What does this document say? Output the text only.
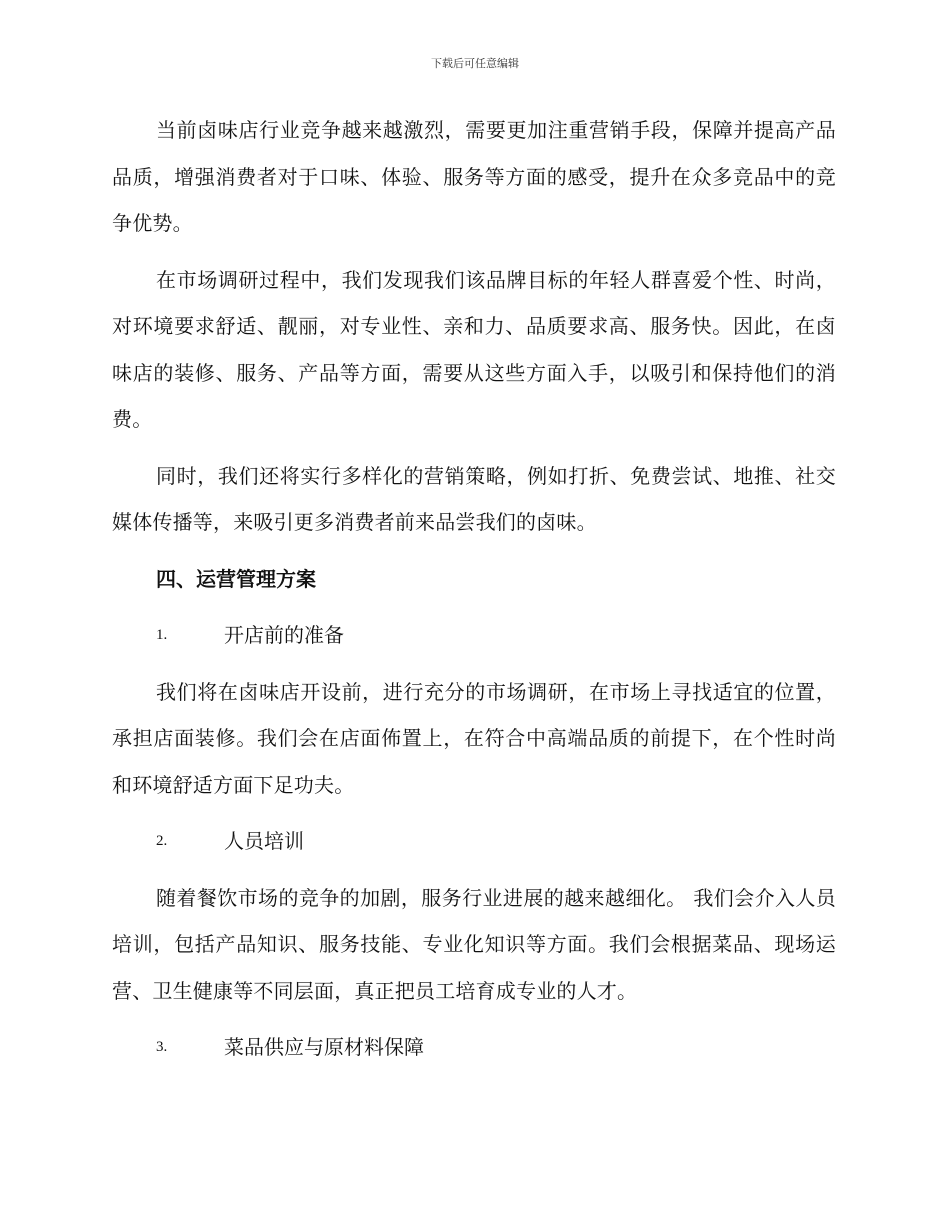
下载后可任意编辑

当前卤味店行业竞争越来越激烈，需要更加注重营销手段，保障并提高产品品质，增强消费者对于口味、体验、服务等方面的感受，提升在众多竞品中的竞争优势。

在市场调研过程中，我们发现我们该品牌目标的年轻人群喜爱个性、时尚，对环境要求舒适、靓丽，对专业性、亲和力、品质要求高、服务快。因此，在卤味店的装修、服务、产品等方面，需要从这些方面入手，以吸引和保持他们的消费。

同时，我们还将实行多样化的营销策略，例如打折、免费尝试、地推、社交媒体传播等，来吸引更多消费者前来品尝我们的卤味。

四、运营管理方案
1.	开店前的准备

我们将在卤味店开设前，进行充分的市场调研，在市场上寻找适宜的位置，承担店面装修。我们会在店面佈置上，在符合中高端品质的前提下，在个性时尚和环境舒适方面下足功夫。

2.	人员培训

随着餐饮市场的竞争的加剧，服务行业进展的越来越细化。 我们会介入人员培训，包括产品知识、服务技能、专业化知识等方面。我们会根据菜品、现场运营、卫生健康等不同层面，真正把员工培育成专业的人才。

3.	菜品供应与原材料保障
